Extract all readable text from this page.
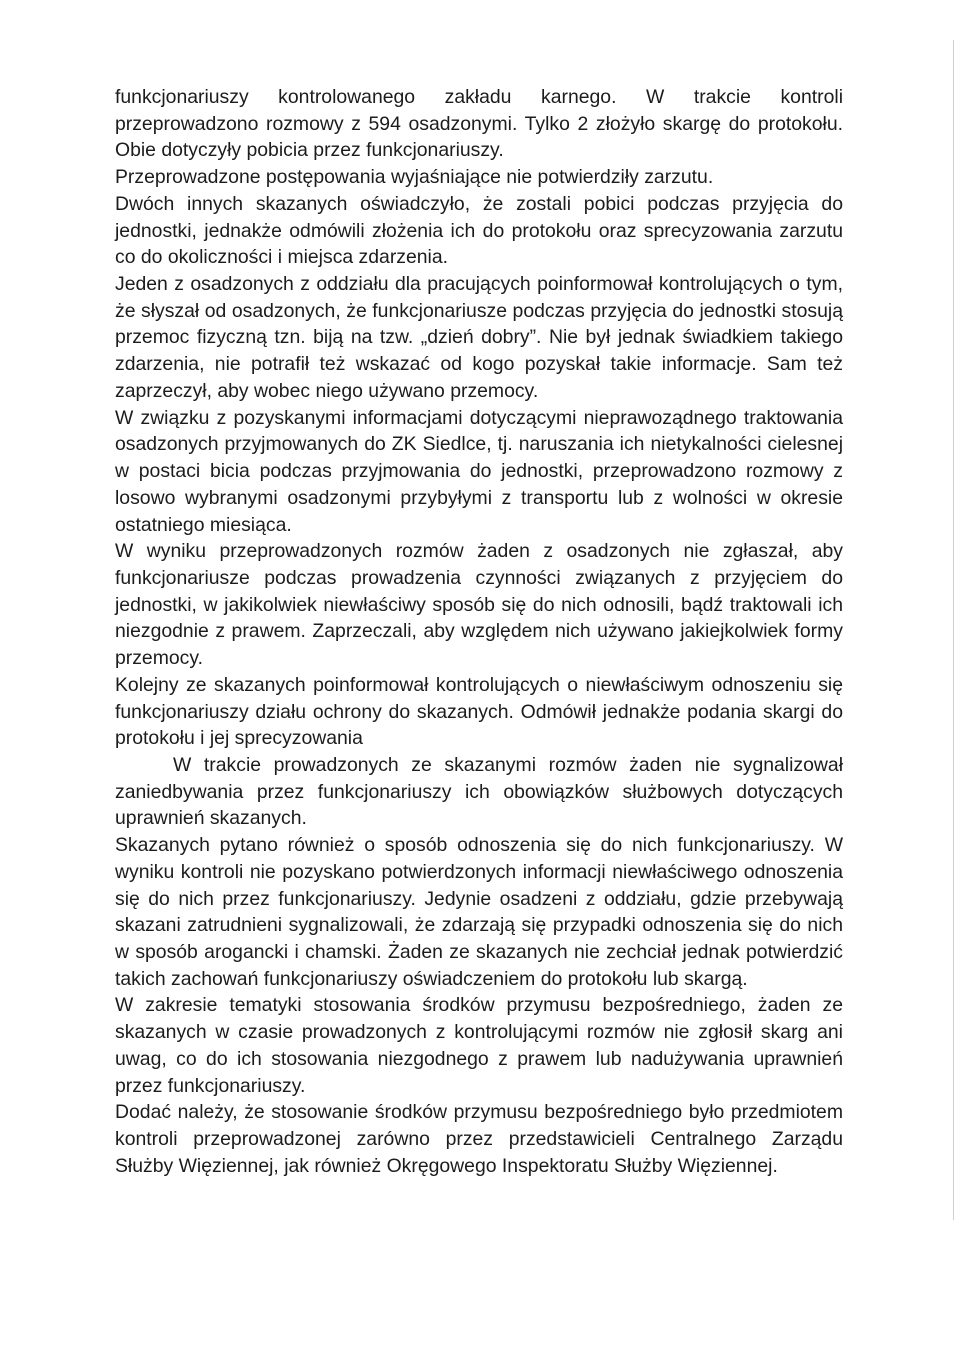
funkcjonariuszy kontrolowanego zakładu karnego. W trakcie kontroli przeprowadzono rozmowy z 594 osadzonymi. Tylko 2 złożyło skargę do protokołu. Obie dotyczyły pobicia przez funkcjonariuszy.

Przeprowadzone postępowania wyjaśniające nie potwierdziły zarzutu.

Dwóch innych skazanych oświadczyło, że zostali pobici podczas przyjęcia do jednostki, jednakże odmówili złożenia ich do protokołu oraz sprecyzowania zarzutu co do okoliczności i miejsca zdarzenia.

Jeden z osadzonych z oddziału dla pracujących poinformował kontrolujących o tym, że słyszał od osadzonych, że funkcjonariusze podczas przyjęcia do jednostki stosują przemoc fizyczną tzn. biją na tzw. „dzień dobry”. Nie był jednak świadkiem takiego zdarzenia, nie potrafił też wskazać od kogo pozyskał takie informacje. Sam też zaprzeczył, aby wobec niego używano przemocy.

W związku z pozyskanymi informacjami dotyczącymi nieprawoządnego traktowania osadzonych przyjmowanych do ZK Siedlce, tj. naruszania ich nietykalności cielesnej w postaci bicia podczas przyjmowania do jednostki, przeprowadzono rozmowy z losowo wybranymi osadzonymi przybyłymi z transportu lub z wolności w okresie ostatniego miesiąca.

W wyniku przeprowadzonych rozmów żaden z osadzonych nie zgłaszał, aby funkcjonariusze podczas prowadzenia czynności związanych z przyjęciem do jednostki, w jakikolwiek niewłaściwy sposób się do nich odnosili, bądź traktowali ich niezgodnie z prawem. Zaprzeczali, aby względem nich używano jakiejkolwiek formy przemocy.

Kolejny ze skazanych poinformował kontrolujących o niewłaściwym odnoszeniu się funkcjonariuszy działu ochrony do skazanych. Odmówił jednakże podania skargi do protokołu i jej sprecyzowania

W trakcie prowadzonych ze skazanymi rozmów żaden nie sygnalizował zaniedbywania przez funkcjonariuszy ich obowiązków służbowych dotyczących uprawnień skazanych.

Skazanych pytano również o sposób odnoszenia się do nich funkcjonariuszy. W wyniku kontroli nie pozyskano potwierdzonych informacji niewłaściwego odnoszenia się do nich przez funkcjonariuszy. Jedynie osadzeni z oddziału, gdzie przebywają skazani zatrudnieni sygnalizowali, że zdarzają się przypadki odnoszenia się do nich w sposób arogancki i chamski. Żaden ze skazanych nie zechciał jednak potwierdzić takich zachowań funkcjonariuszy oświadczeniem do protokołu lub skargą.

W zakresie tematyki stosowania środków przymusu bezpośredniego, żaden ze skazanych w czasie prowadzonych z kontrolującymi rozmów nie zgłosił skarg ani uwag, co do ich stosowania niezgodnego z prawem lub nadużywania uprawnień przez funkcjonariuszy.

Dodać należy, że stosowanie środków przymusu bezpośredniego było przedmiotem kontroli przeprowadzonej zarówno przez przedstawicieli Centralnego Zarządu Służby Więziennej, jak również Okręgowego Inspektoratu Służby Więziennej.
